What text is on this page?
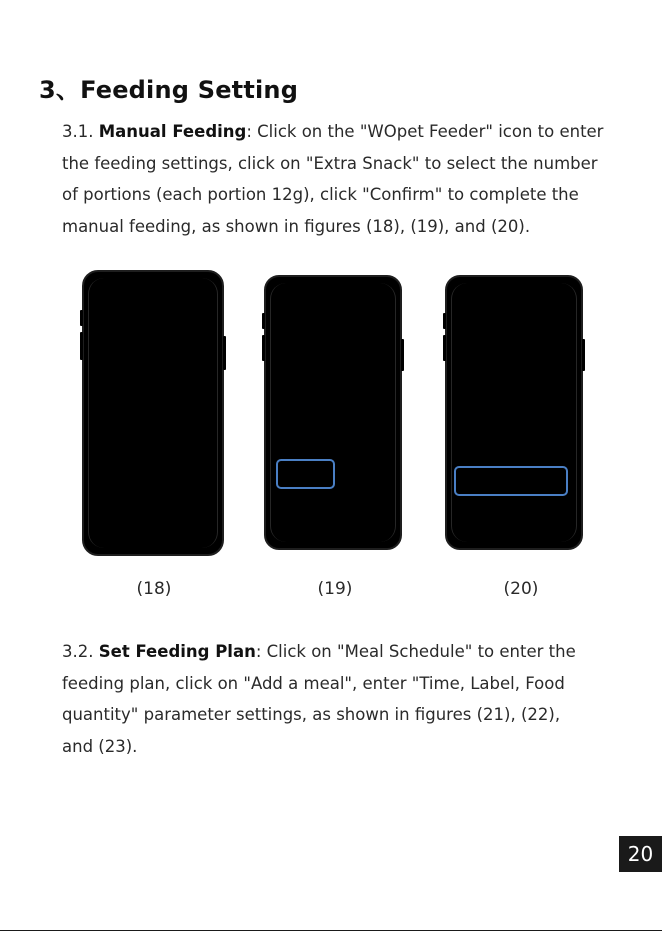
3、Feeding Setting

3.1. Manual Feeding: Click on the "WOpet Feeder" icon to enter
the feeding settings, click on "Extra Snack" to select the number
of portions (each portion 12g), click "Confirm" to complete the
manual feeding, as shown in figures (18), (19), and (20).

(18)	(19)	(20)

3.2. Set Feeding Plan: Click on "Meal Schedule" to enter the
feeding plan, click on "Add a meal", enter "Time, Label, Food
quantity" parameter settings, as shown in figures (21), (22),
and (23).

20
